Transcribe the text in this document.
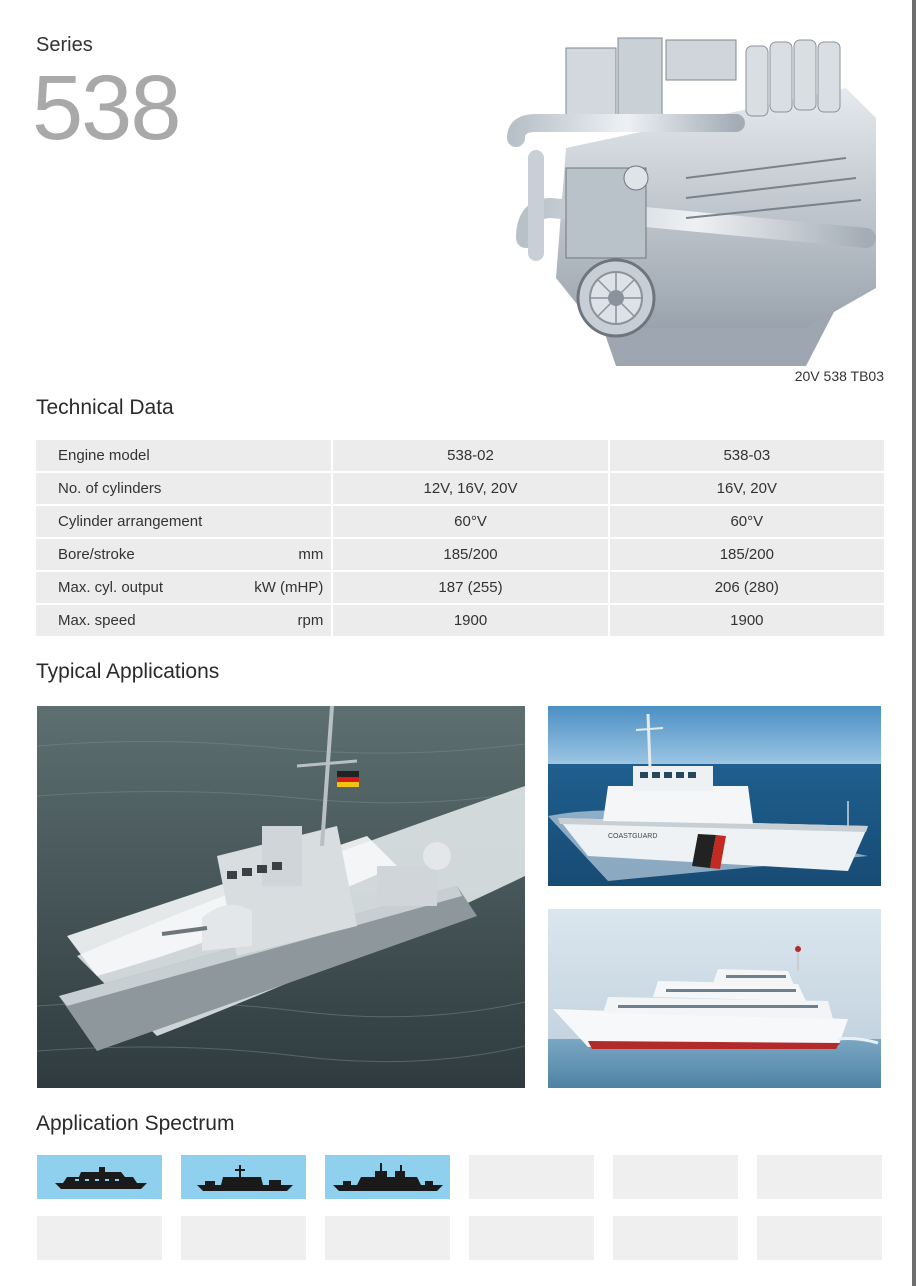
Series
538
20V 538 TB03
Technical Data
Engine model		538-02	538-03
No. of cylinders		12V, 16V, 20V	16V, 20V
Cylinder arrangement		60°V	60°V
Bore/stroke	mm	185/200	185/200
Max. cyl. output	kW (mHP)	187 (255)	206 (280)
Max. speed	rpm	1900	1900
Typical Applications
COASTGUARD
Application Spectrum
